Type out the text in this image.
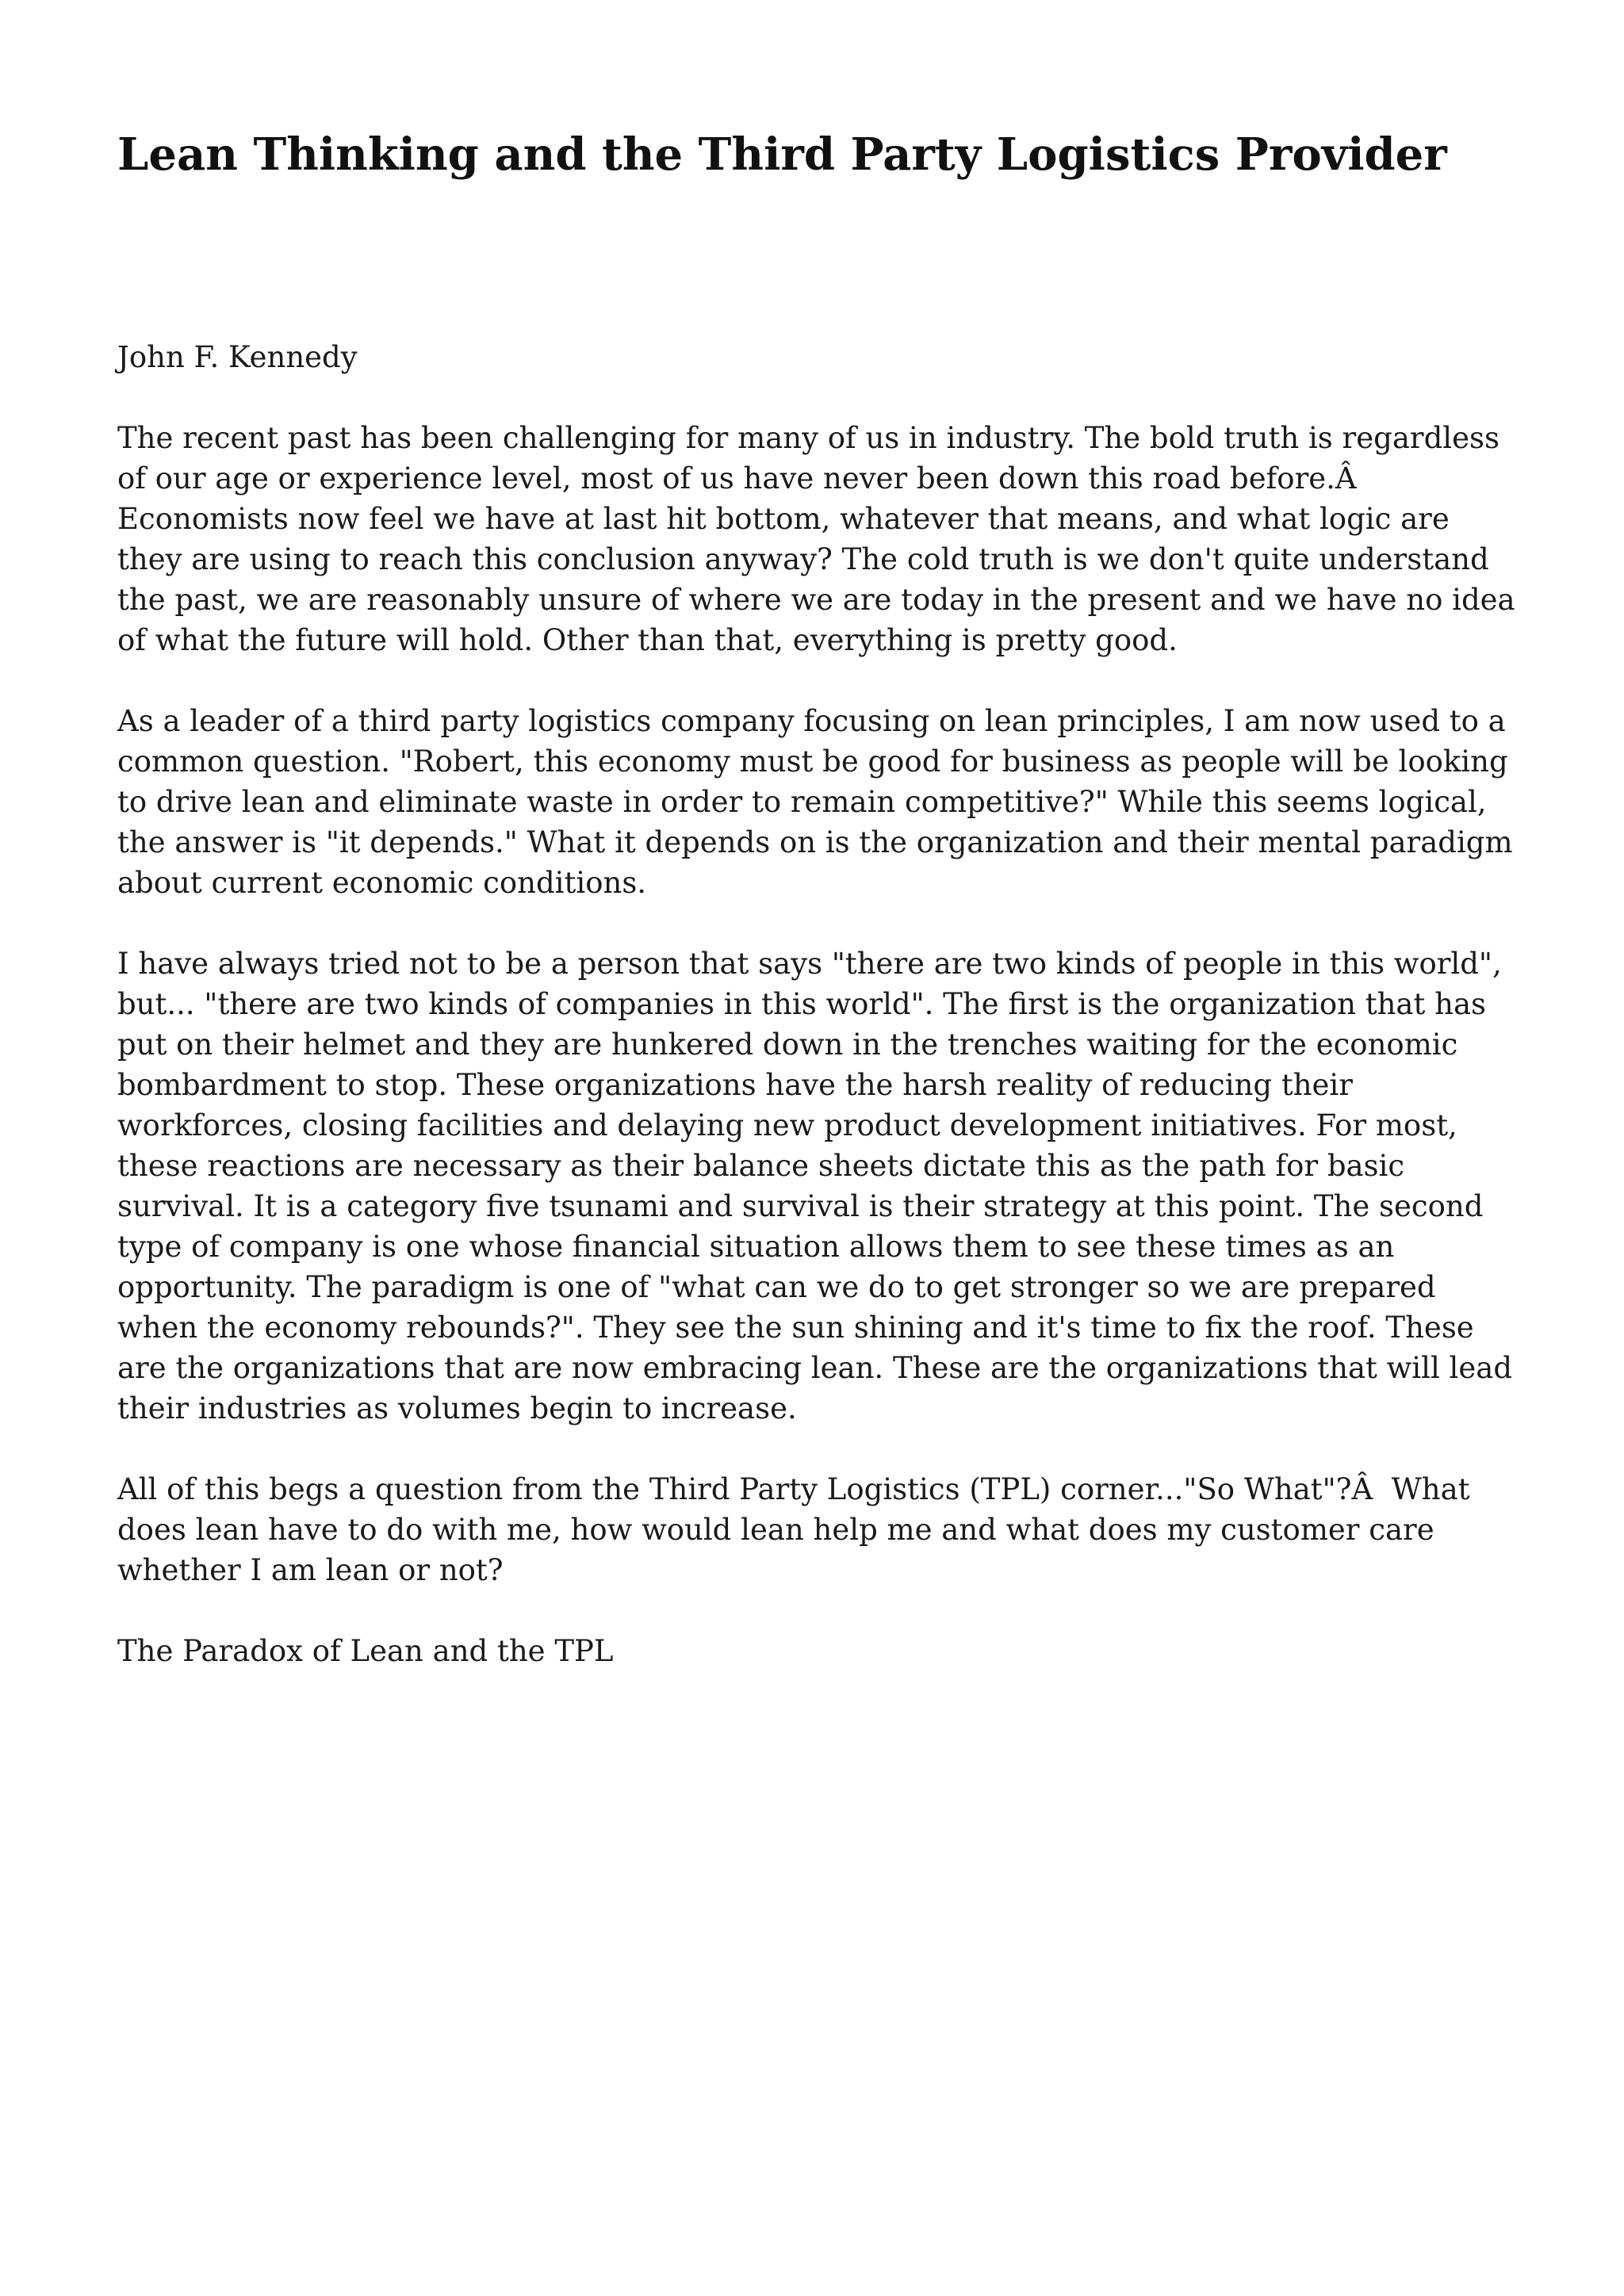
Lean Thinking and the Third Party Logistics Provider

John F. Kennedy

The recent past has been challenging for many of us in industry. The bold truth is regardless of our age or experience level, most of us have never been down this road before.Â  Economists now feel we have at last hit bottom, whatever that means, and what logic are they are using to reach this conclusion anyway? The cold truth is we don't quite understand the past, we are reasonably unsure of where we are today in the present and we have no idea of what the future will hold. Other than that, everything is pretty good.

As a leader of a third party logistics company focusing on lean principles, I am now used to a common question. "Robert, this economy must be good for business as people will be looking to drive lean and eliminate waste in order to remain competitive?" While this seems logical, the answer is "it depends." What it depends on is the organization and their mental paradigm about current economic conditions.

I have always tried not to be a person that says "there are two kinds of people in this world", but... "there are two kinds of companies in this world". The first is the organization that has put on their helmet and they are hunkered down in the trenches waiting for the economic bombardment to stop. These organizations have the harsh reality of reducing their workforces, closing facilities and delaying new product development initiatives. For most, these reactions are necessary as their balance sheets dictate this as the path for basic survival. It is a category five tsunami and survival is their strategy at this point. The second type of company is one whose financial situation allows them to see these times as an opportunity. The paradigm is one of "what can we do to get stronger so we are prepared when the economy rebounds?". They see the sun shining and it's time to fix the roof. These are the organizations that are now embracing lean. These are the organizations that will lead their industries as volumes begin to increase.

All of this begs a question from the Third Party Logistics (TPL) corner..."So What"?Â  What does lean have to do with me, how would lean help me and what does my customer care whether I am lean or not?

The Paradox of Lean and the TPL
